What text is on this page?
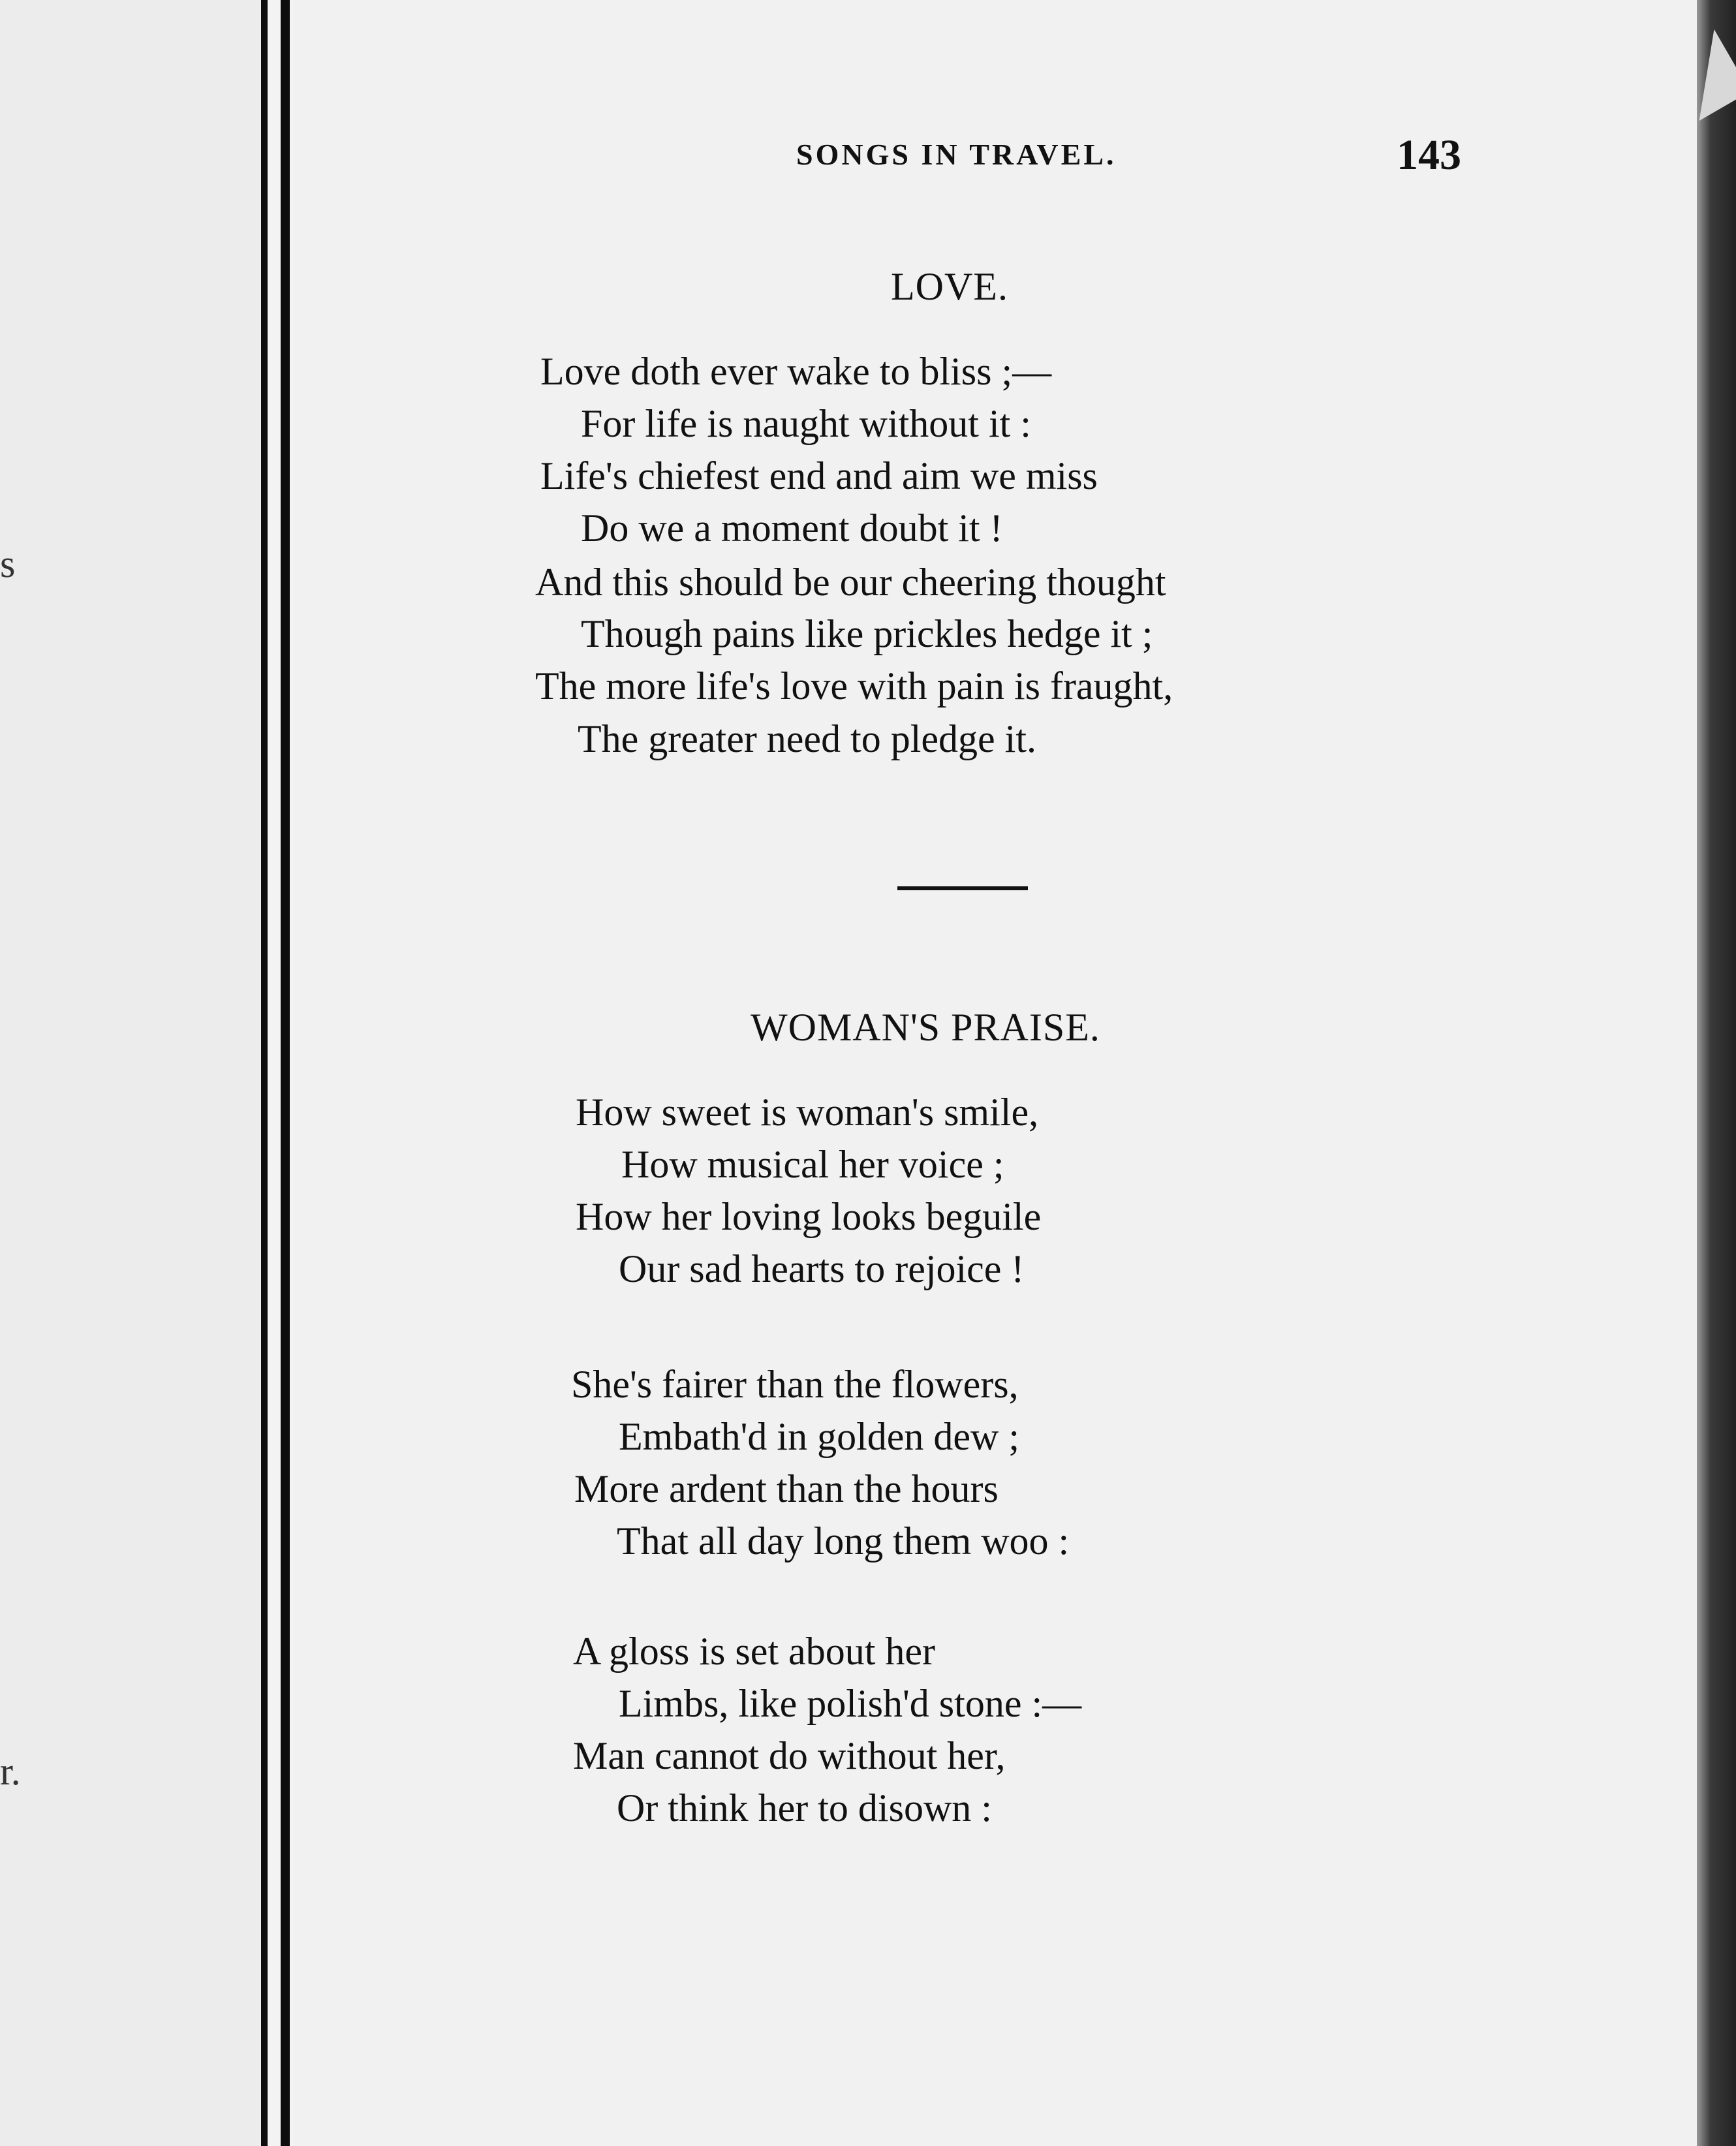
s
r.
SONGS IN TRAVEL.	143
LOVE.
Love doth ever wake to bliss ;—
For life is naught without it :
Life's chiefest end and aim we miss
Do we a moment doubt it !
And this should be our cheering thought
Though pains like prickles hedge it ;
The more life's love with pain is fraught,
The greater need to pledge it.
WOMAN'S PRAISE.
How sweet is woman's smile,
How musical her voice ;
How her loving looks beguile
Our sad hearts to rejoice !
She's fairer than the flowers,
Embath'd in golden dew ;
More ardent than the hours
That all day long them woo :
A gloss is set about her
Limbs, like polish'd stone :—
Man cannot do without her,
Or think her to disown :
